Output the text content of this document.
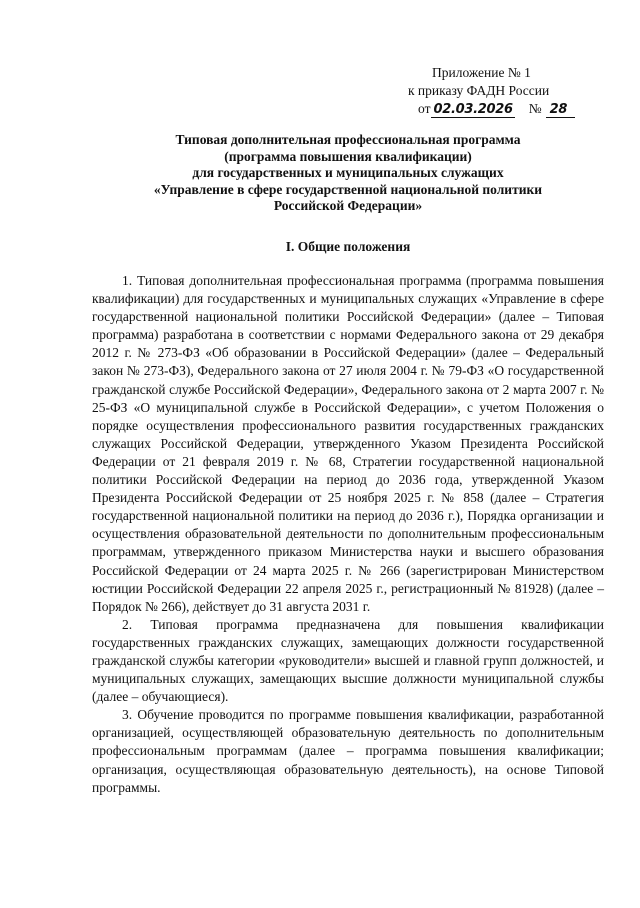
Приложение № 1
к приказу ФАДН России
от 02.03.2026 № 28
Типовая дополнительная профессиональная программа
(программа повышения квалификации)
для государственных и муниципальных служащих
«Управление в сфере государственной национальной политики
Российской Федерации»
I. Общие положения

1. Типовая дополнительная профессиональная программа (программа повышения квалификации) для государственных и муниципальных служащих «Управление в сфере государственной национальной политики Российской Федерации» (далее – Типовая программа) разработана в соответствии с нормами Федерального закона от 29 декабря 2012 г. № 273-ФЗ «Об образовании в Российской Федерации» (далее – Федеральный закон № 273-ФЗ), Федерального закона от 27 июля 2004 г. № 79-ФЗ «О государственной гражданской службе Российской Федерации», Федерального закона от 2 марта 2007 г. № 25-ФЗ «О муниципальной службе в Российской Федерации», с учетом Положения о порядке осуществления профессионального развития государственных гражданских служащих Российской Федерации, утвержденного Указом Президента Российской Федерации от 21 февраля 2019 г. № 68, Стратегии государственной национальной политики Российской Федерации на период до 2036 года, утвержденной Указом Президента Российской Федерации от 25 ноября 2025 г. № 858 (далее – Стратегия государственной национальной политики на период до 2036 г.), Порядка организации и осуществления образовательной деятельности по дополнительным профессиональным программам, утвержденного приказом Министерства науки и высшего образования Российской Федерации от 24 марта 2025 г. № 266 (зарегистрирован Министерством юстиции Российской Федерации 22 апреля 2025 г., регистрационный № 81928) (далее – Порядок № 266), действует до 31 августа 2031 г.

2. Типовая программа предназначена для повышения квалификации государственных гражданских служащих, замещающих должности государственной гражданской службы категории «руководители» высшей и главной групп должностей, и муниципальных служащих, замещающих высшие должности муниципальной службы (далее – обучающиеся).

3. Обучение проводится по программе повышения квалификации, разработанной организацией, осуществляющей образовательную деятельность по дополнительным профессиональным программам (далее – программа повышения квалификации; организация, осуществляющая образовательную деятельность), на основе Типовой программы.
